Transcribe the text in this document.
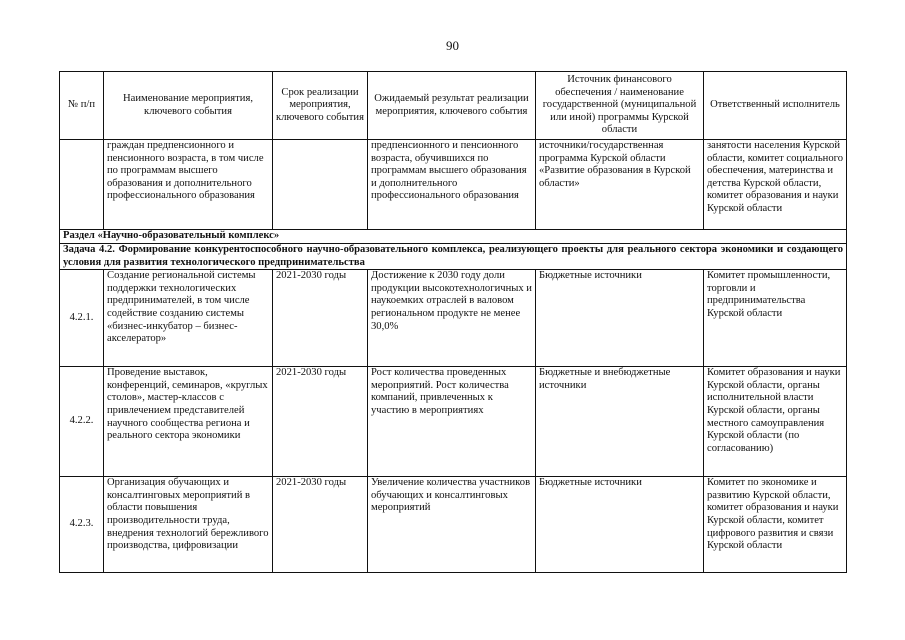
90
№ п/п	Наименование мероприятия, ключевого события	Срок реализации мероприятия, ключевого события	Ожидаемый результат реализации мероприятия, ключевого события	Источник финансового обеспечения / наименование государственной (муниципальной или иной) программы Курской области	Ответственный исполнитель
	граждан предпенсионного и пенсионного возраста, в том числе по программам высшего образования и дополнительного профессионального образования		предпенсионного и пенсионного возраста, обучившихся по программам высшего образования и дополнительного профессионального образования	источники/государственная программа Курской области «Развитие образования в Курской области»	занятости населения Курской области, комитет социального обеспечения, материнства и детства Курской области, комитет образования и науки Курской области
Раздел «Научно-образовательный комплекс»					
Задача 4.2. Формирование конкурентоспособного научно-образовательного комплекса, реализующего проекты для реального сектора экономики и создающего условия для развития технологического предпринимательства					
4.2.1.	Создание региональной системы поддержки технологических предпринимателей, в том числе содействие созданию системы «бизнес-инкубатор – бизнес-акселератор»	2021-2030 годы	Достижение к 2030 году доли продукции высокотехнологичных и наукоемких отраслей в валовом региональном продукте не менее 30,0%	Бюджетные источники	Комитет промышленности, торговли и предпринимательства Курской области
4.2.2.	Проведение выставок, конференций, семинаров, «круглых столов», мастер-классов с привлечением представителей научного сообщества региона и реального сектора экономики	2021-2030 годы	Рост количества проведенных мероприятий. Рост количества компаний, привлеченных к участию в мероприятиях	Бюджетные и внебюджетные источники	Комитет образования и науки Курской области, органы исполнительной власти Курской области, органы местного самоуправления Курской области (по согласованию)
4.2.3.	Организация обучающих и консалтинговых мероприятий в области повышения производительности труда, внедрения технологий бережливого производства, цифровизации	2021-2030 годы	Увеличение количества участников обучающих и консалтинговых мероприятий	Бюджетные источники	Комитет по экономике и развитию Курской области, комитет образования и науки Курской области, комитет цифрового развития и связи Курской области
